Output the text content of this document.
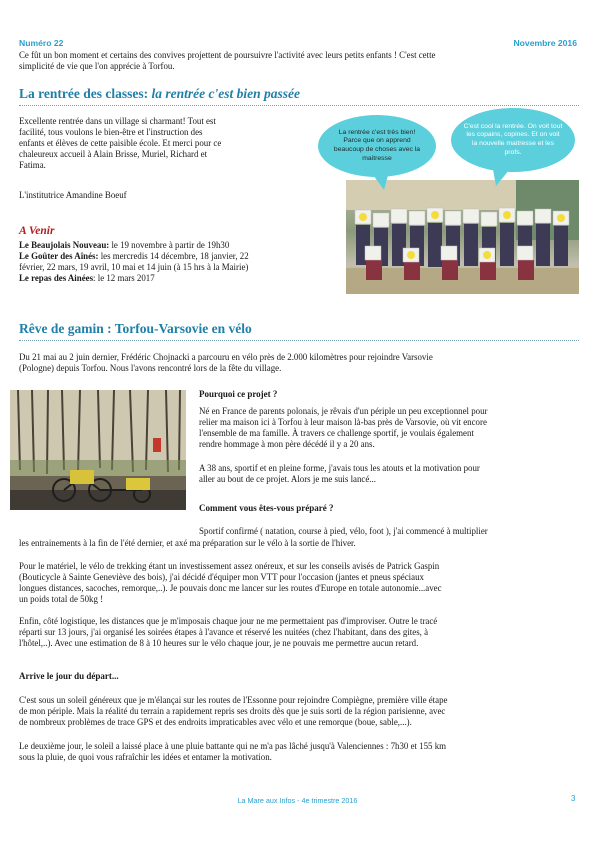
Numéro 22	Novembre 2016
Ce fût un bon moment et certains des convives projettent de poursuivre l'activité avec leurs petits enfants ! C'est cette
simplicité de vie que l'on apprécie à Torfou.
La rentrée des classes: la rentrée c'est bien passée
Excellente rentrée dans un village si charmant! Tout est
facilité, tous voulons le bien-être et l'instruction des
enfants et élèves de cette paisible école. Et merci pour ce
chaleureux accueil à Alain Brisse, Muriel, Richard et
Fatima.
L'institutrice Amandine Boeuf
La rentrée c'est très bien! Parce que on apprend beaucoup de choses avec la maitresse
C'est cool la rentrée. On voit tout les copains, copines. Et on voit la nouvelle maitresse et les profs.
A Venir
Le Beaujolais Nouveau: le 19 novembre à partir de 19h30
Le Goûter des Aînés: les mercredis 14 décembre, 18 janvier, 22
février, 22 mars, 19 avril, 10 mai et 14 juin (à 15 hrs à la Mairie)
Le repas des Ainées: le 12 mars 2017
Rêve de gamin : Torfou-Varsovie en vélo
Du 21 mai au 2 juin dernier, Frédéric Chojnacki a parcouru en vélo près de 2.000 kilomètres pour rejoindre Varsovie
(Pologne) depuis Torfou. Nous l'avons rencontré lors de la fête du village.
Pourquoi ce projet ?
Né en France de parents polonais, je rêvais d'un périple un peu exceptionnel pour
relier ma maison ici à Torfou à leur maison là-bas près de Varsovie, où vit encore
l'ensemble de ma famille. À travers ce challenge sportif, je voulais également
rendre hommage à mon père décédé il y a 20 ans.
A 38 ans, sportif et en pleine forme, j'avais tous les atouts et la motivation pour
aller au bout de ce projet. Alors je me suis lancé...
Comment vous êtes-vous préparé ?
Sportif confirmé ( natation, course à pied, vélo, foot ), j'ai commencé à multiplier
les entrainements à la fin de l'été dernier, et axé ma préparation sur le vélo à la sortie de l'hiver.
Pour le matériel, le vélo de trekking étant un investissement assez onéreux, et sur les conseils avisés de Patrick Gaspin
(Bouticycle à Sainte Geneviève des bois), j'ai décidé d'équiper mon VTT pour l'occasion (jantes et pneus spéciaux
longues distances, sacoches, remorque,..). Je pouvais donc me lancer sur les routes d'Europe en totale autonomie...avec
un poids total de 50kg !
Enfin, côté logistique, les distances que je m'imposais chaque jour ne me permettaient pas d'improviser. Outre le tracé
réparti sur 13 jours, j'ai organisé les soirées étapes à l'avance et réservé les nuitées (chez l'habitant, dans des gites, à
l'hôtel,..). Avec une estimation de 8 à 10 heures sur le vélo chaque jour, je ne pouvais me permettre aucun retard.
Arrive le jour du départ...
C'est sous un soleil généreux que je m'élançai sur les routes de l'Essonne pour rejoindre Compiègne, première ville étape
de mon périple. Mais la réalité du terrain a rapidement repris ses droits dès que je suis sorti de la région parisienne, avec
de nombreux problèmes de trace GPS et des endroits impraticables avec vélo et une remorque (boue, sable,...).
Le deuxième jour, le soleil a laissé place à une pluie battante qui ne m'a pas lâché jusqu'à Valenciennes : 7h30 et 155 km
sous la pluie, de quoi vous rafraîchir les idées et entamer la motivation.
La Mare aux Infos - 4e trimestre 2016	3
